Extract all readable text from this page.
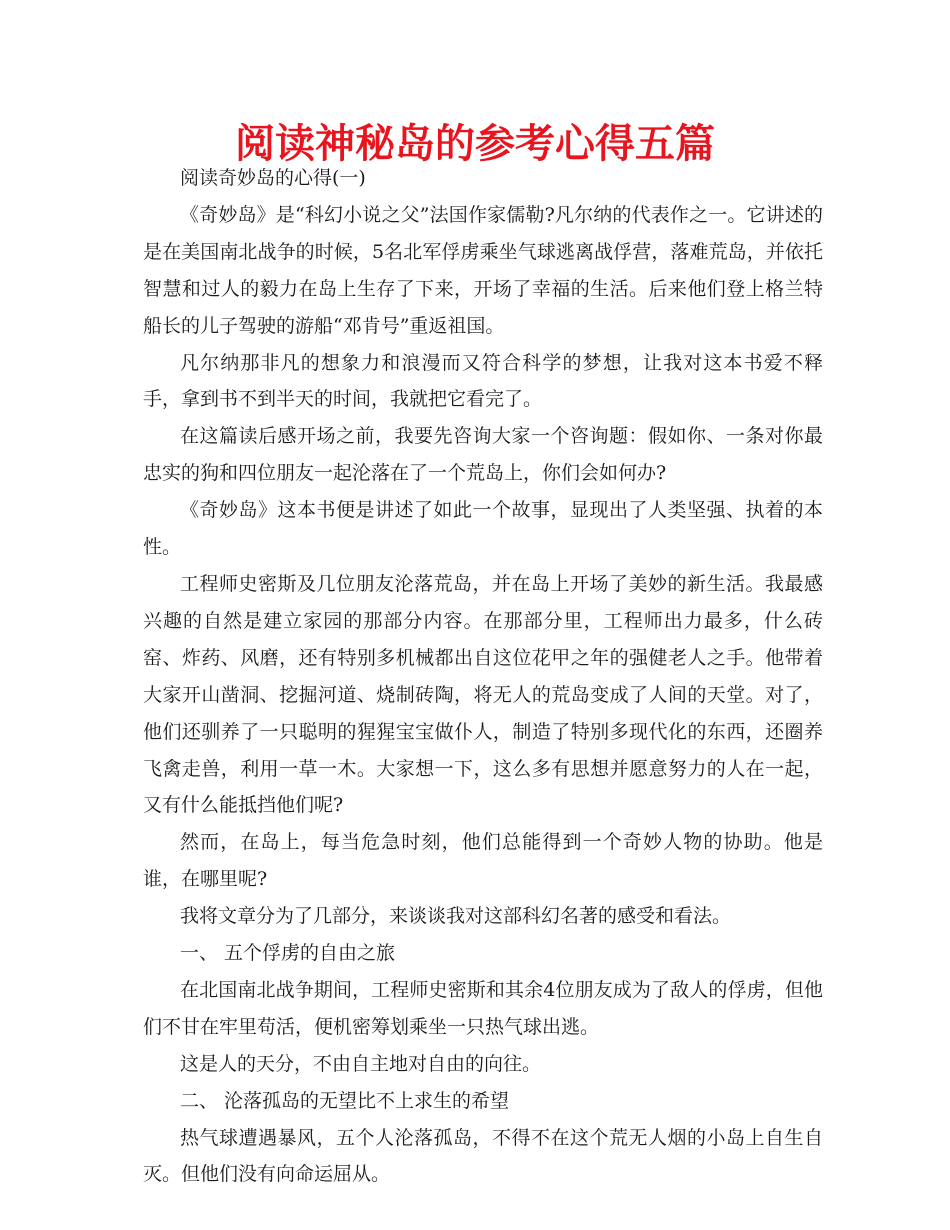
阅读神秘岛的参考心得五篇

阅读奇妙岛的心得(一)

《奇妙岛》是“科幻小说之父”法国作家儒勒?凡尔纳的代表作之一。它讲述的是在美国南北战争的时候，5名北军俘虏乘坐气球逃离战俘营，落难荒岛，并依托智慧和过人的毅力在岛上生存了下来，开场了幸福的生活。后来他们登上格兰特船长的儿子驾驶的游船“邓肯号”重返祖国。

凡尔纳那非凡的想象力和浪漫而又符合科学的梦想，让我对这本书爱不释手，拿到书不到半天的时间，我就把它看完了。

在这篇读后感开场之前，我要先咨询大家一个咨询题：假如你、一条对你最忠实的狗和四位朋友一起沦落在了一个荒岛上，你们会如何办?

《奇妙岛》这本书便是讲述了如此一个故事，显现出了人类坚强、执着的本性。

工程师史密斯及几位朋友沦落荒岛，并在岛上开场了美妙的新生活。我最感兴趣的自然是建立家园的那部分内容。在那部分里，工程师出力最多，什么砖窑、炸药、风磨，还有特别多机械都出自这位花甲之年的强健老人之手。他带着大家开山凿洞、挖掘河道、烧制砖陶，将无人的荒岛变成了人间的天堂。对了，他们还驯养了一只聪明的猩猩宝宝做仆人，制造了特别多现代化的东西，还圈养飞禽走兽，利用一草一木。大家想一下，这么多有思想并愿意努力的人在一起，又有什么能抵挡他们呢?

然而，在岛上，每当危急时刻，他们总能得到一个奇妙人物的协助。他是谁，在哪里呢?

我将文章分为了几部分，来谈谈我对这部科幻名著的感受和看法。

一、 五个俘虏的自由之旅

在北国南北战争期间，工程师史密斯和其余4位朋友成为了敌人的俘虏，但他们不甘在牢里苟活，便机密筹划乘坐一只热气球出逃。

这是人的天分，不由自主地对自由的向往。

二、 沦落孤岛的无望比不上求生的希望

热气球遭遇暴风，五个人沦落孤岛，不得不在这个荒无人烟的小岛上自生自灭。但他们没有向命运屈从。
